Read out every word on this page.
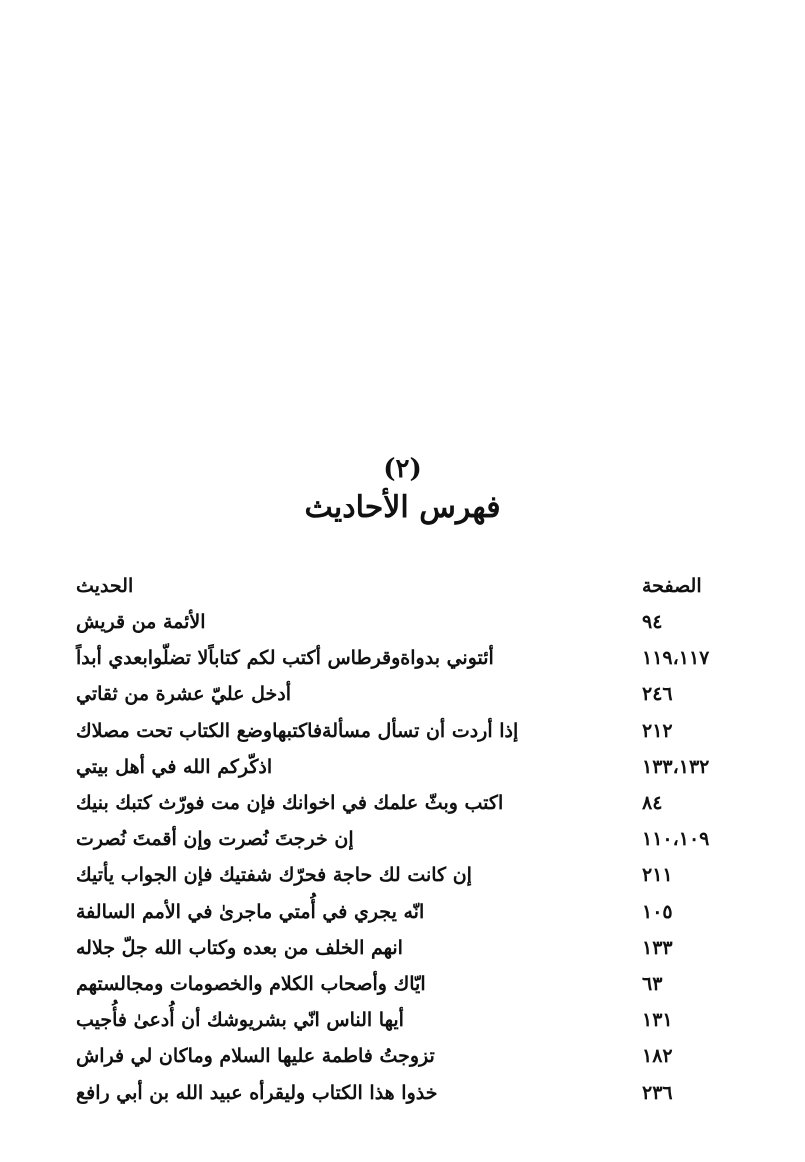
(٢)
فهرس الأحاديث
الحديث	الصفحة
الأئمة من قريش	٩٤
أئتوني بدواةوقرطاس أكتب لكم كتاباًلا تضلّوابعدي أبداً	١١٩،١١٧
أدخل عليّ عشرة من ثقاتي	٢٤٦
إذا أردت أن تسأل مسألةفاكتبهاوضع الكتاب تحت مصلاك	٢١٢
اذكّركم الله في أهل بيتي	١٣٣،١٣٢
اكتب وبثّ علمك في اخوانك فإن مت فورّث كتبك بنيك	٨٤
إن خرجتَ نُصرت وإن أقمتَ نُصرت	١١٠،١٠٩
إن كانت لك حاجة فحرّك شفتيك فإن الجواب يأتيك	٢١١
انّه يجري في أُمتي ماجرىٰ في الأمم السالفة	١٠٥
انهم الخلف من بعده وكتاب الله جلّ جلاله	١٣٣
ايّاك وأصحاب الكلام والخصومات ومجالستهم	٦٣
أيها الناس انّي بشريوشك أن أُدعىٰ فأُجيب	١٣١
تزوجتُ فاطمة عليها السلام وماكان لي فراش	١٨٢
خذوا هذا الكتاب وليقرأه عبيد الله بن أبي رافع	٢٣٦
